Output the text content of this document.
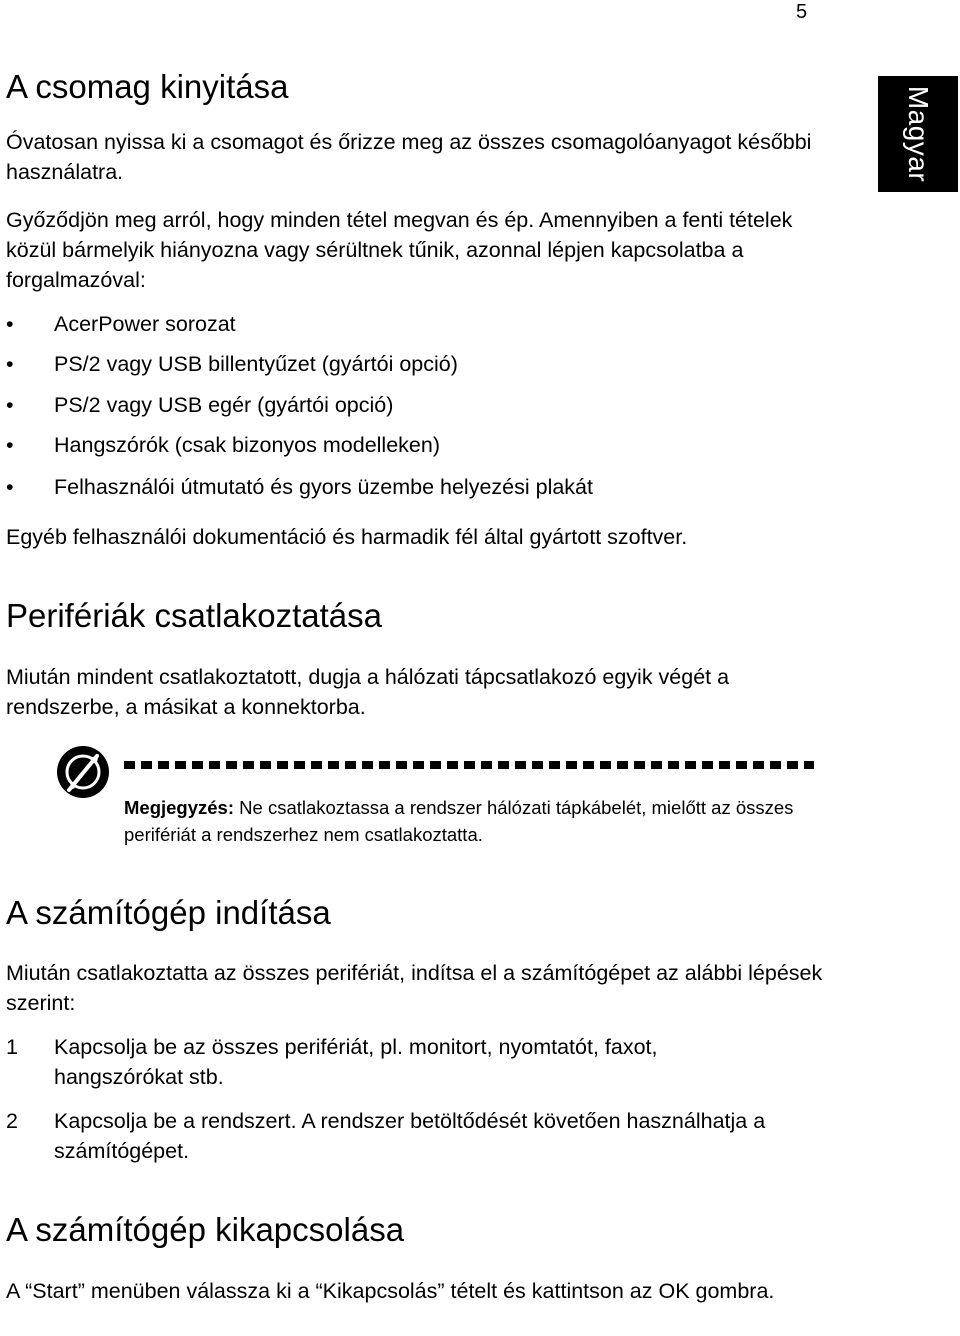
5
Magyar
A csomag kinyitása

Óvatosan nyissa ki a csomagot és őrizze meg az összes csomagolóanyagot későbbi használatra.

Győződjön meg arról, hogy minden tétel megvan és ép. Amennyiben a fenti tételek közül bármelyik hiányozna vagy sérültnek tűnik, azonnal lépjen kapcsolatba a forgalmazóval:

• AcerPower sorozat
• PS/2 vagy USB billentyűzet (gyártói opció)
• PS/2 vagy USB egér (gyártói opció)
• Hangszórók (csak bizonyos modelleken)
• Felhasználói útmutató és gyors üzembe helyezési plakát

Egyéb felhasználói dokumentáció és harmadik fél által gyártott szoftver.

Perifériák csatlakoztatása

Miután mindent csatlakoztatott, dugja a hálózati tápcsatlakozó egyik végét a rendszerbe, a másikat a konnektorba.

Megjegyzés: Ne csatlakoztassa a rendszer hálózati tápkábelét, mielőtt az összes perifériát a rendszerhez nem csatlakoztatta.
A számítógép indítása

Miután csatlakoztatta az összes perifériát, indítsa el a számítógépet az alábbi lépések szerint:

1 Kapcsolja be az összes perifériát, pl. monitort, nyomtatót, faxot, hangszórókat stb.
2 Kapcsolja be a rendszert. A rendszer betöltődését követően használhatja a számítógépet.
A számítógép kikapcsolása

A “Start” menüben válassza ki a “Kikapcsolás” tételt és kattintson az OK gombra.
